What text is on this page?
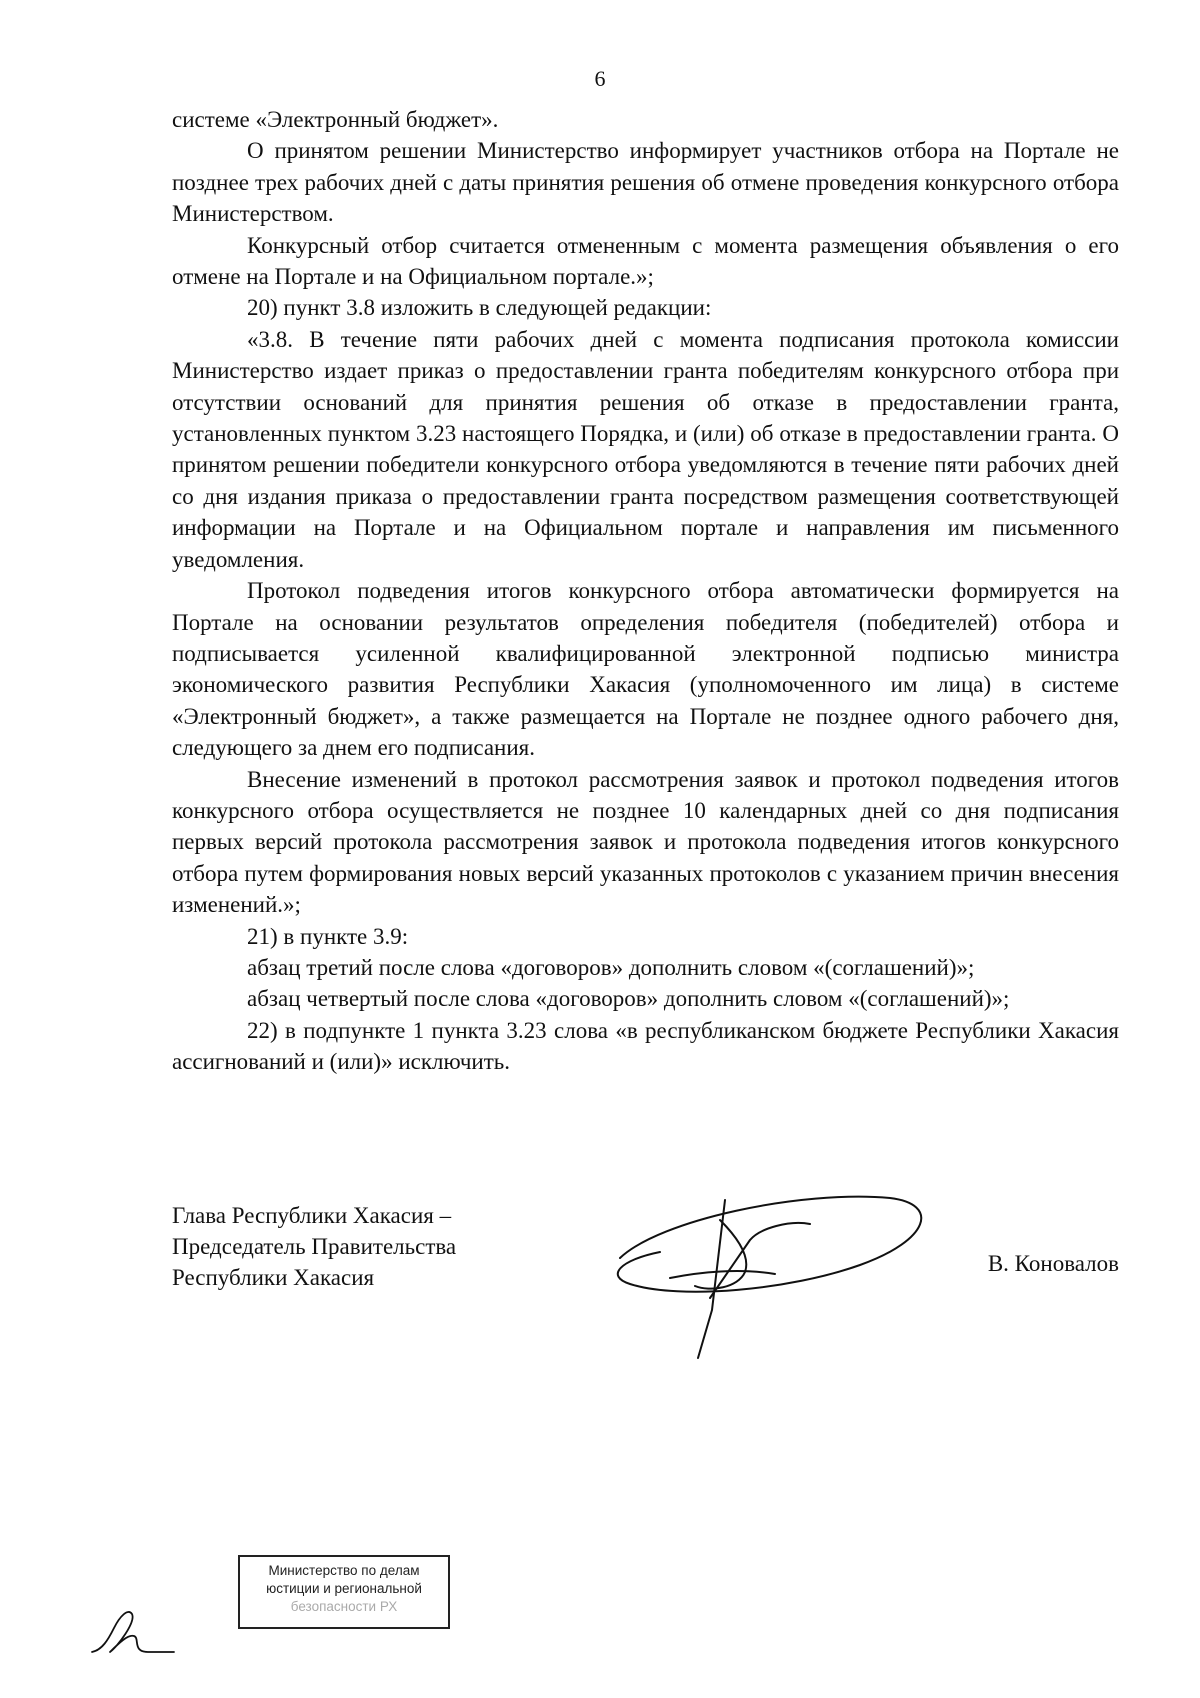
6

системе «Электронный бюджет».

О принятом решении Министерство информирует участников отбора на Портале не позднее трех рабочих дней с даты принятия решения об отмене проведения конкурсного отбора Министерством.

Конкурсный отбор считается отмененным с момента размещения объявления о его отмене на Портале и на Официальном портале.»;

20) пункт 3.8 изложить в следующей редакции:

«3.8. В течение пяти рабочих дней с момента подписания протокола комиссии Министерство издает приказ о предоставлении гранта победителям конкурсного отбора при отсутствии оснований для принятия решения об отказе в предоставлении гранта, установленных пунктом 3.23 настоящего Порядка, и (или) об отказе в предоставлении гранта. О принятом решении победители конкурсного отбора уведомляются в течение пяти рабочих дней со дня издания приказа о предоставлении гранта посредством размещения соответствующей информации на Портале и на Официальном портале и направления им письменного уведомления.

Протокол подведения итогов конкурсного отбора автоматически формируется на Портале на основании результатов определения победителя (победителей) отбора и подписывается усиленной квалифицированной электронной подписью министра экономического развития Республики Хакасия (уполномоченного им лица) в системе «Электронный бюджет», а также размещается на Портале не позднее одного рабочего дня, следующего за днем его подписания.

Внесение изменений в протокол рассмотрения заявок и протокол подведения итогов конкурсного отбора осуществляется не позднее 10 календарных дней со дня подписания первых версий протокола рассмотрения заявок и протокола подведения итогов конкурсного отбора путем формирования новых версий указанных протоколов с указанием причин внесения изменений.»;

21) в пункте 3.9:

абзац третий после слова «договоров» дополнить словом «(соглашений)»;

абзац четвертый после слова «договоров» дополнить словом «(соглашений)»;

22) в подпункте 1 пункта 3.23 слова «в республиканском бюджете Республики Хакасия ассигнований и (или)» исключить.

Глава Республики Хакасия –
Председатель Правительства
Республики Хакасия
В. Коновалов
Министерство по делам
юстиции и региональной
безопасности РХ
